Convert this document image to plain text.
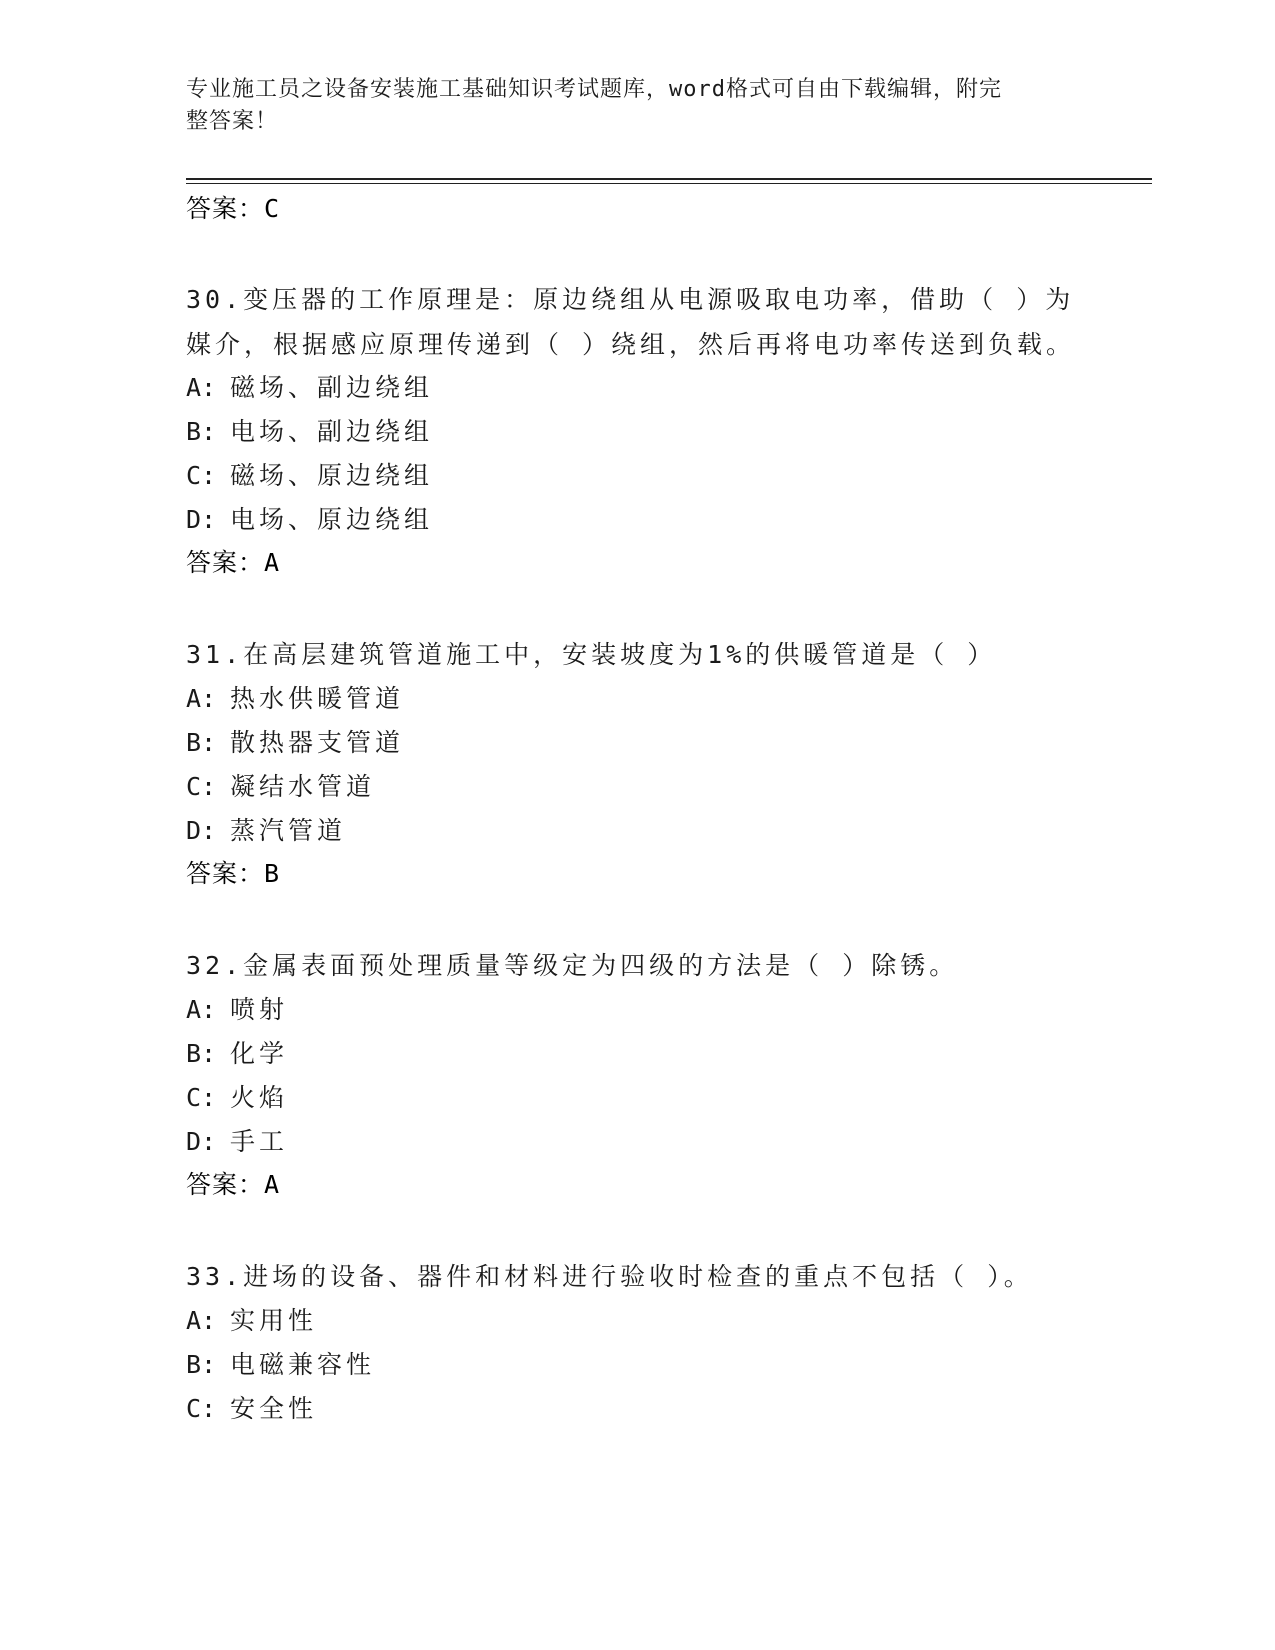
专业施工员之设备安装施工基础知识考试题库，word格式可自由下载编辑，附完
整答案！
答案：C
30.变压器的工作原理是：原边绕组从电源吸取电功率，借助（ ）为媒介，根据感应原理传递到（ ）绕组，然后再将电功率传送到负载。
A: 磁场、副边绕组
B: 电场、副边绕组
C: 磁场、原边绕组
D: 电场、原边绕组
答案：A
31.在高层建筑管道施工中，安装坡度为1%的供暖管道是（ ）
A: 热水供暖管道
B: 散热器支管道
C: 凝结水管道
D: 蒸汽管道
答案：B
32.金属表面预处理质量等级定为四级的方法是（ ）除锈。
A: 喷射
B: 化学
C: 火焰
D: 手工
答案：A
33.进场的设备、器件和材料进行验收时检查的重点不包括（ ）。
A: 实用性
B: 电磁兼容性
C: 安全性
